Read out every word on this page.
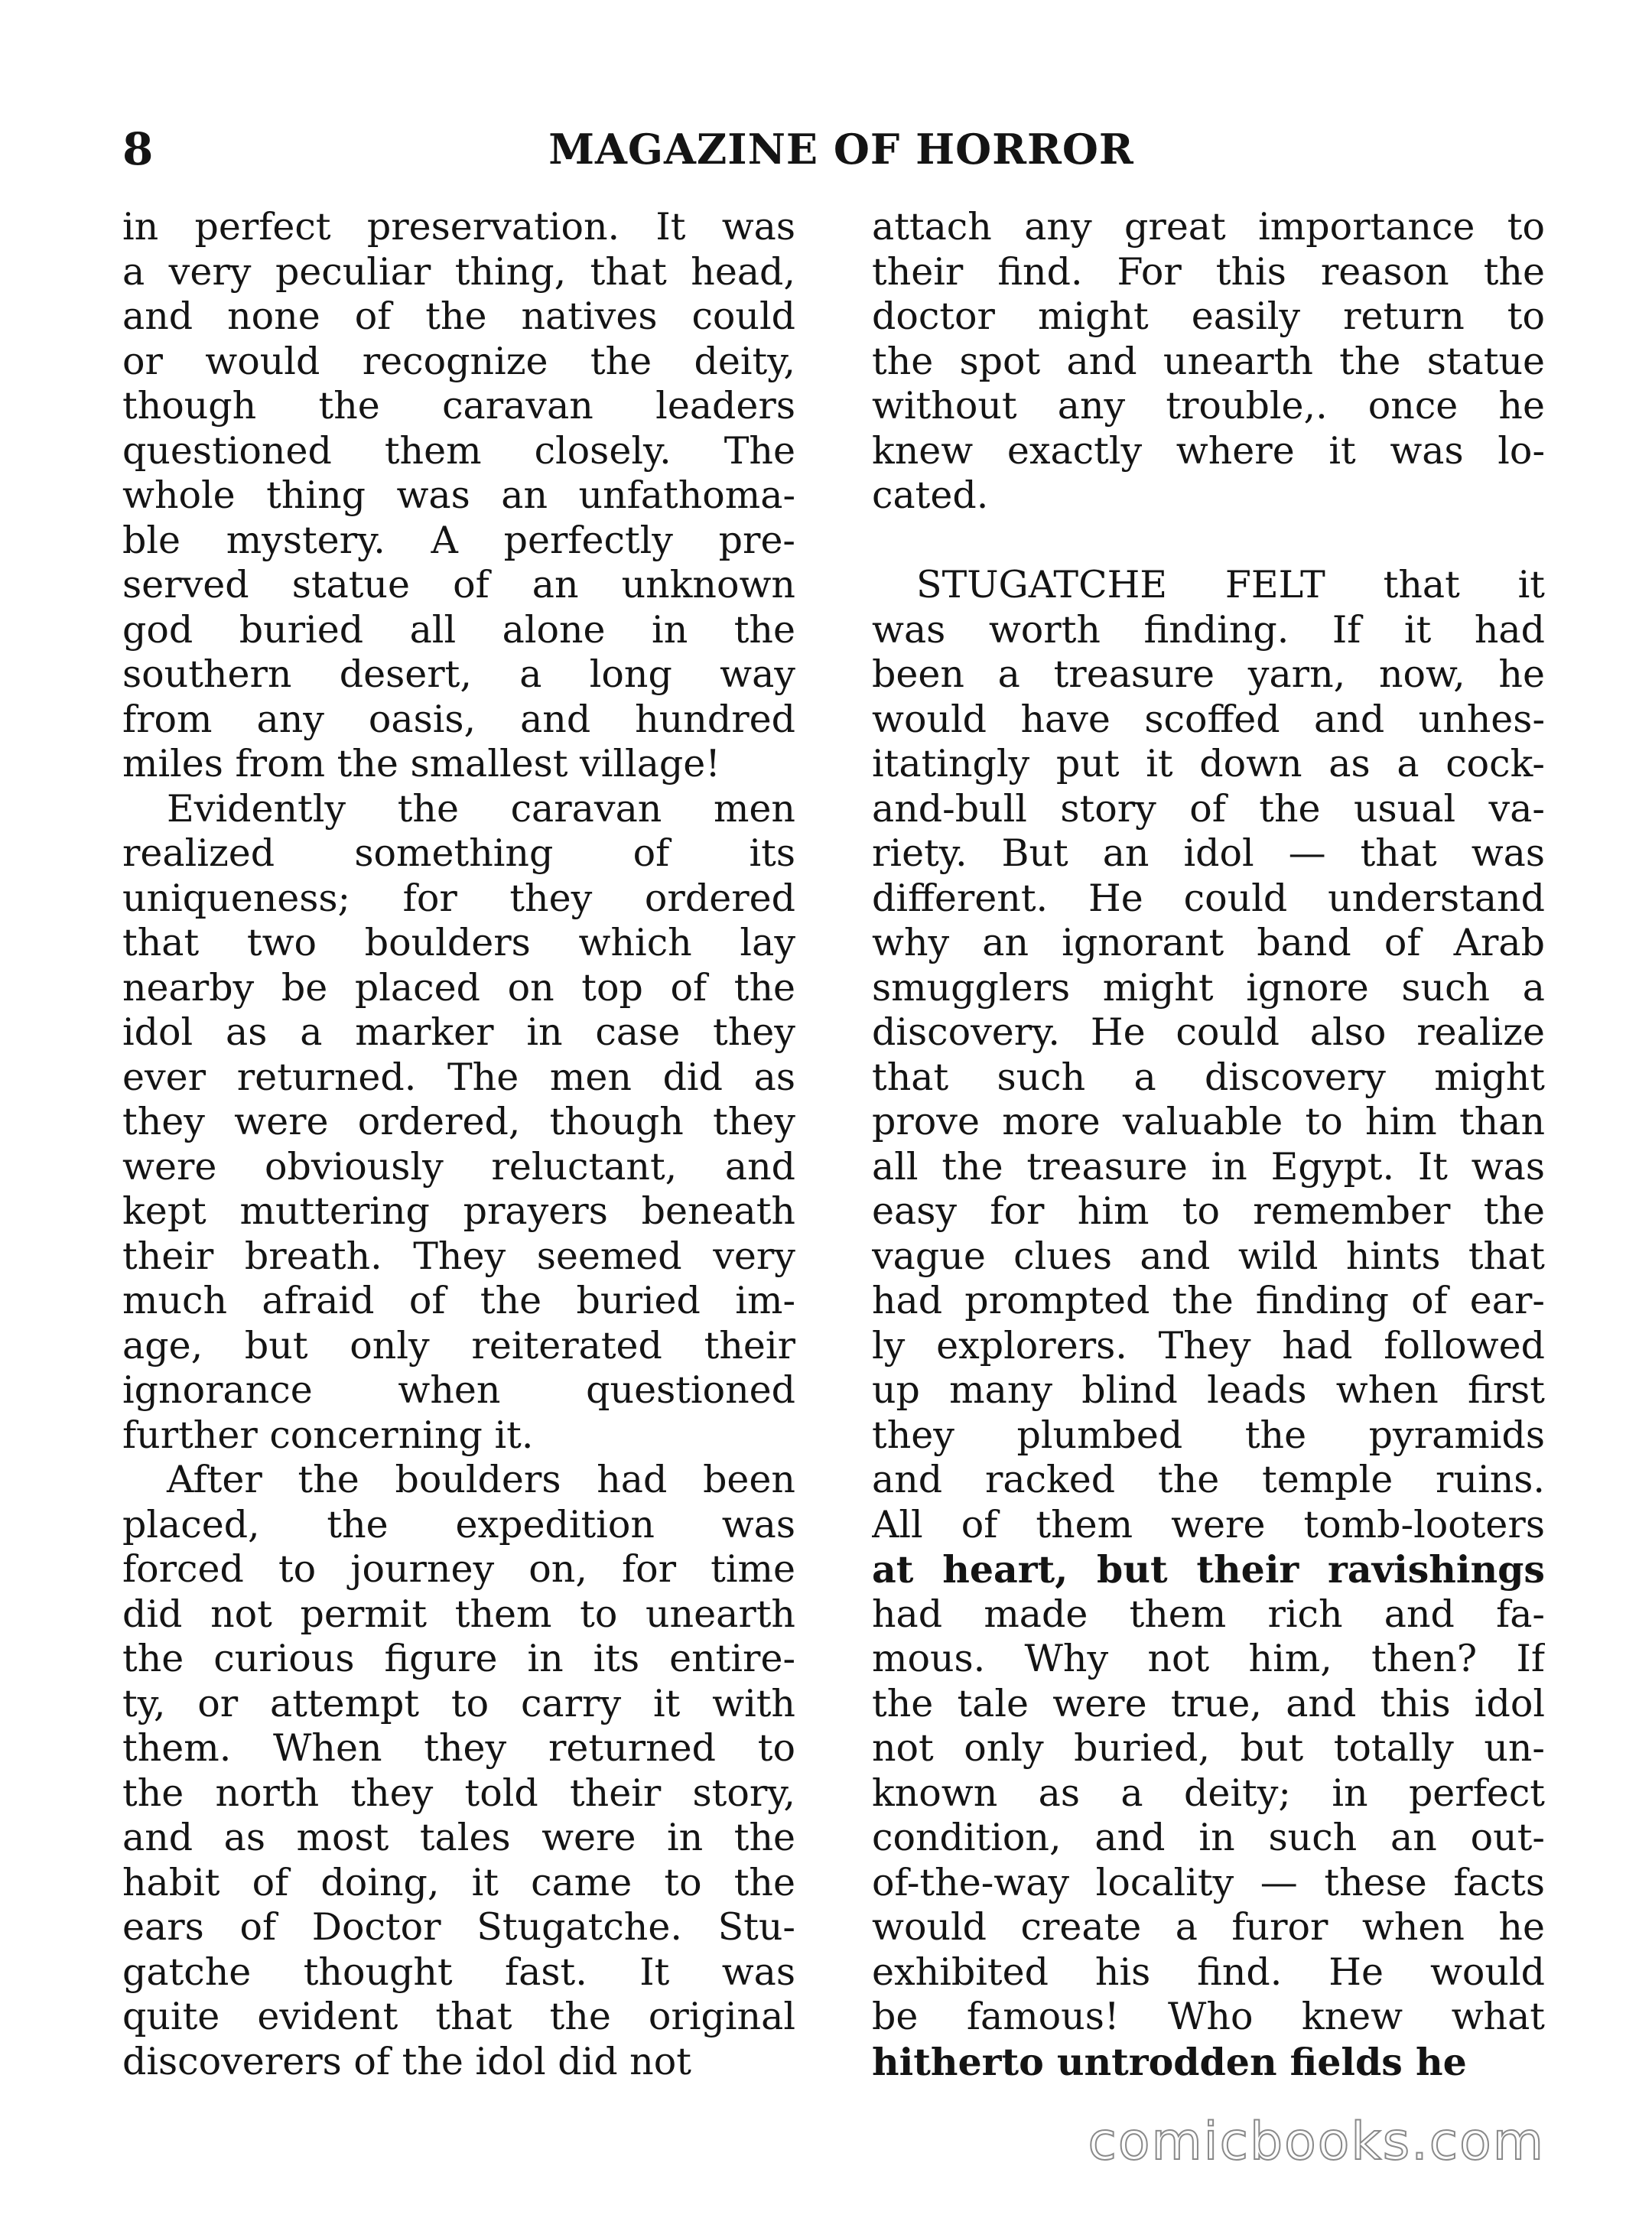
8	MAGAZINE OF HORROR
in perfect preservation. It was
a very peculiar thing, that head,
and none of the natives could
or would recognize the deity,
though the caravan leaders
questioned them closely. The
whole thing was an unfathoma-
ble mystery. A perfectly pre-
served statue of an unknown
god buried all alone in the
southern desert, a long way
from any oasis, and hundred
miles from the smallest village!
Evidently the caravan men
realized something of its
uniqueness; for they ordered
that two boulders which lay
nearby be placed on top of the
idol as a marker in case they
ever returned. The men did as
they were ordered, though they
were obviously reluctant, and
kept muttering prayers beneath
their breath. They seemed very
much afraid of the buried im-
age, but only reiterated their
ignorance when questioned
further concerning it.
After the boulders had been
placed, the expedition was
forced to journey on, for time
did not permit them to unearth
the curious figure in its entire-
ty, or attempt to carry it with
them. When they returned to
the north they told their story,
and as most tales were in the
habit of doing, it came to the
ears of Doctor Stugatche. Stu-
gatche thought fast. It was
quite evident that the original
discoverers of the idol did not
attach any great importance to
their find. For this reason the
doctor might easily return to
the spot and unearth the statue
without any trouble,. once he
knew exactly where it was lo-
cated.
STUGATCHE FELT that it
was worth finding. If it had
been a treasure yarn, now, he
would have scoffed and unhes-
itatingly put it down as a cock-
and-bull story of the usual va-
riety. But an idol — that was
different. He could understand
why an ignorant band of Arab
smugglers might ignore such a
discovery. He could also realize
that such a discovery might
prove more valuable to him than
all the treasure in Egypt. It was
easy for him to remember the
vague clues and wild hints that
had prompted the finding of ear-
ly explorers. They had followed
up many blind leads when first
they plumbed the pyramids
and racked the temple ruins.
All of them were tomb-looters
at heart, but their ravishings
had made them rich and fa-
mous. Why not him, then? If
the tale were true, and this idol
not only buried, but totally un-
known as a deity; in perfect
condition, and in such an out-
of-the-way locality — these facts
would create a furor when he
exhibited his find. He would
be famous! Who knew what
hitherto untrodden fields he
comicbooks.com
